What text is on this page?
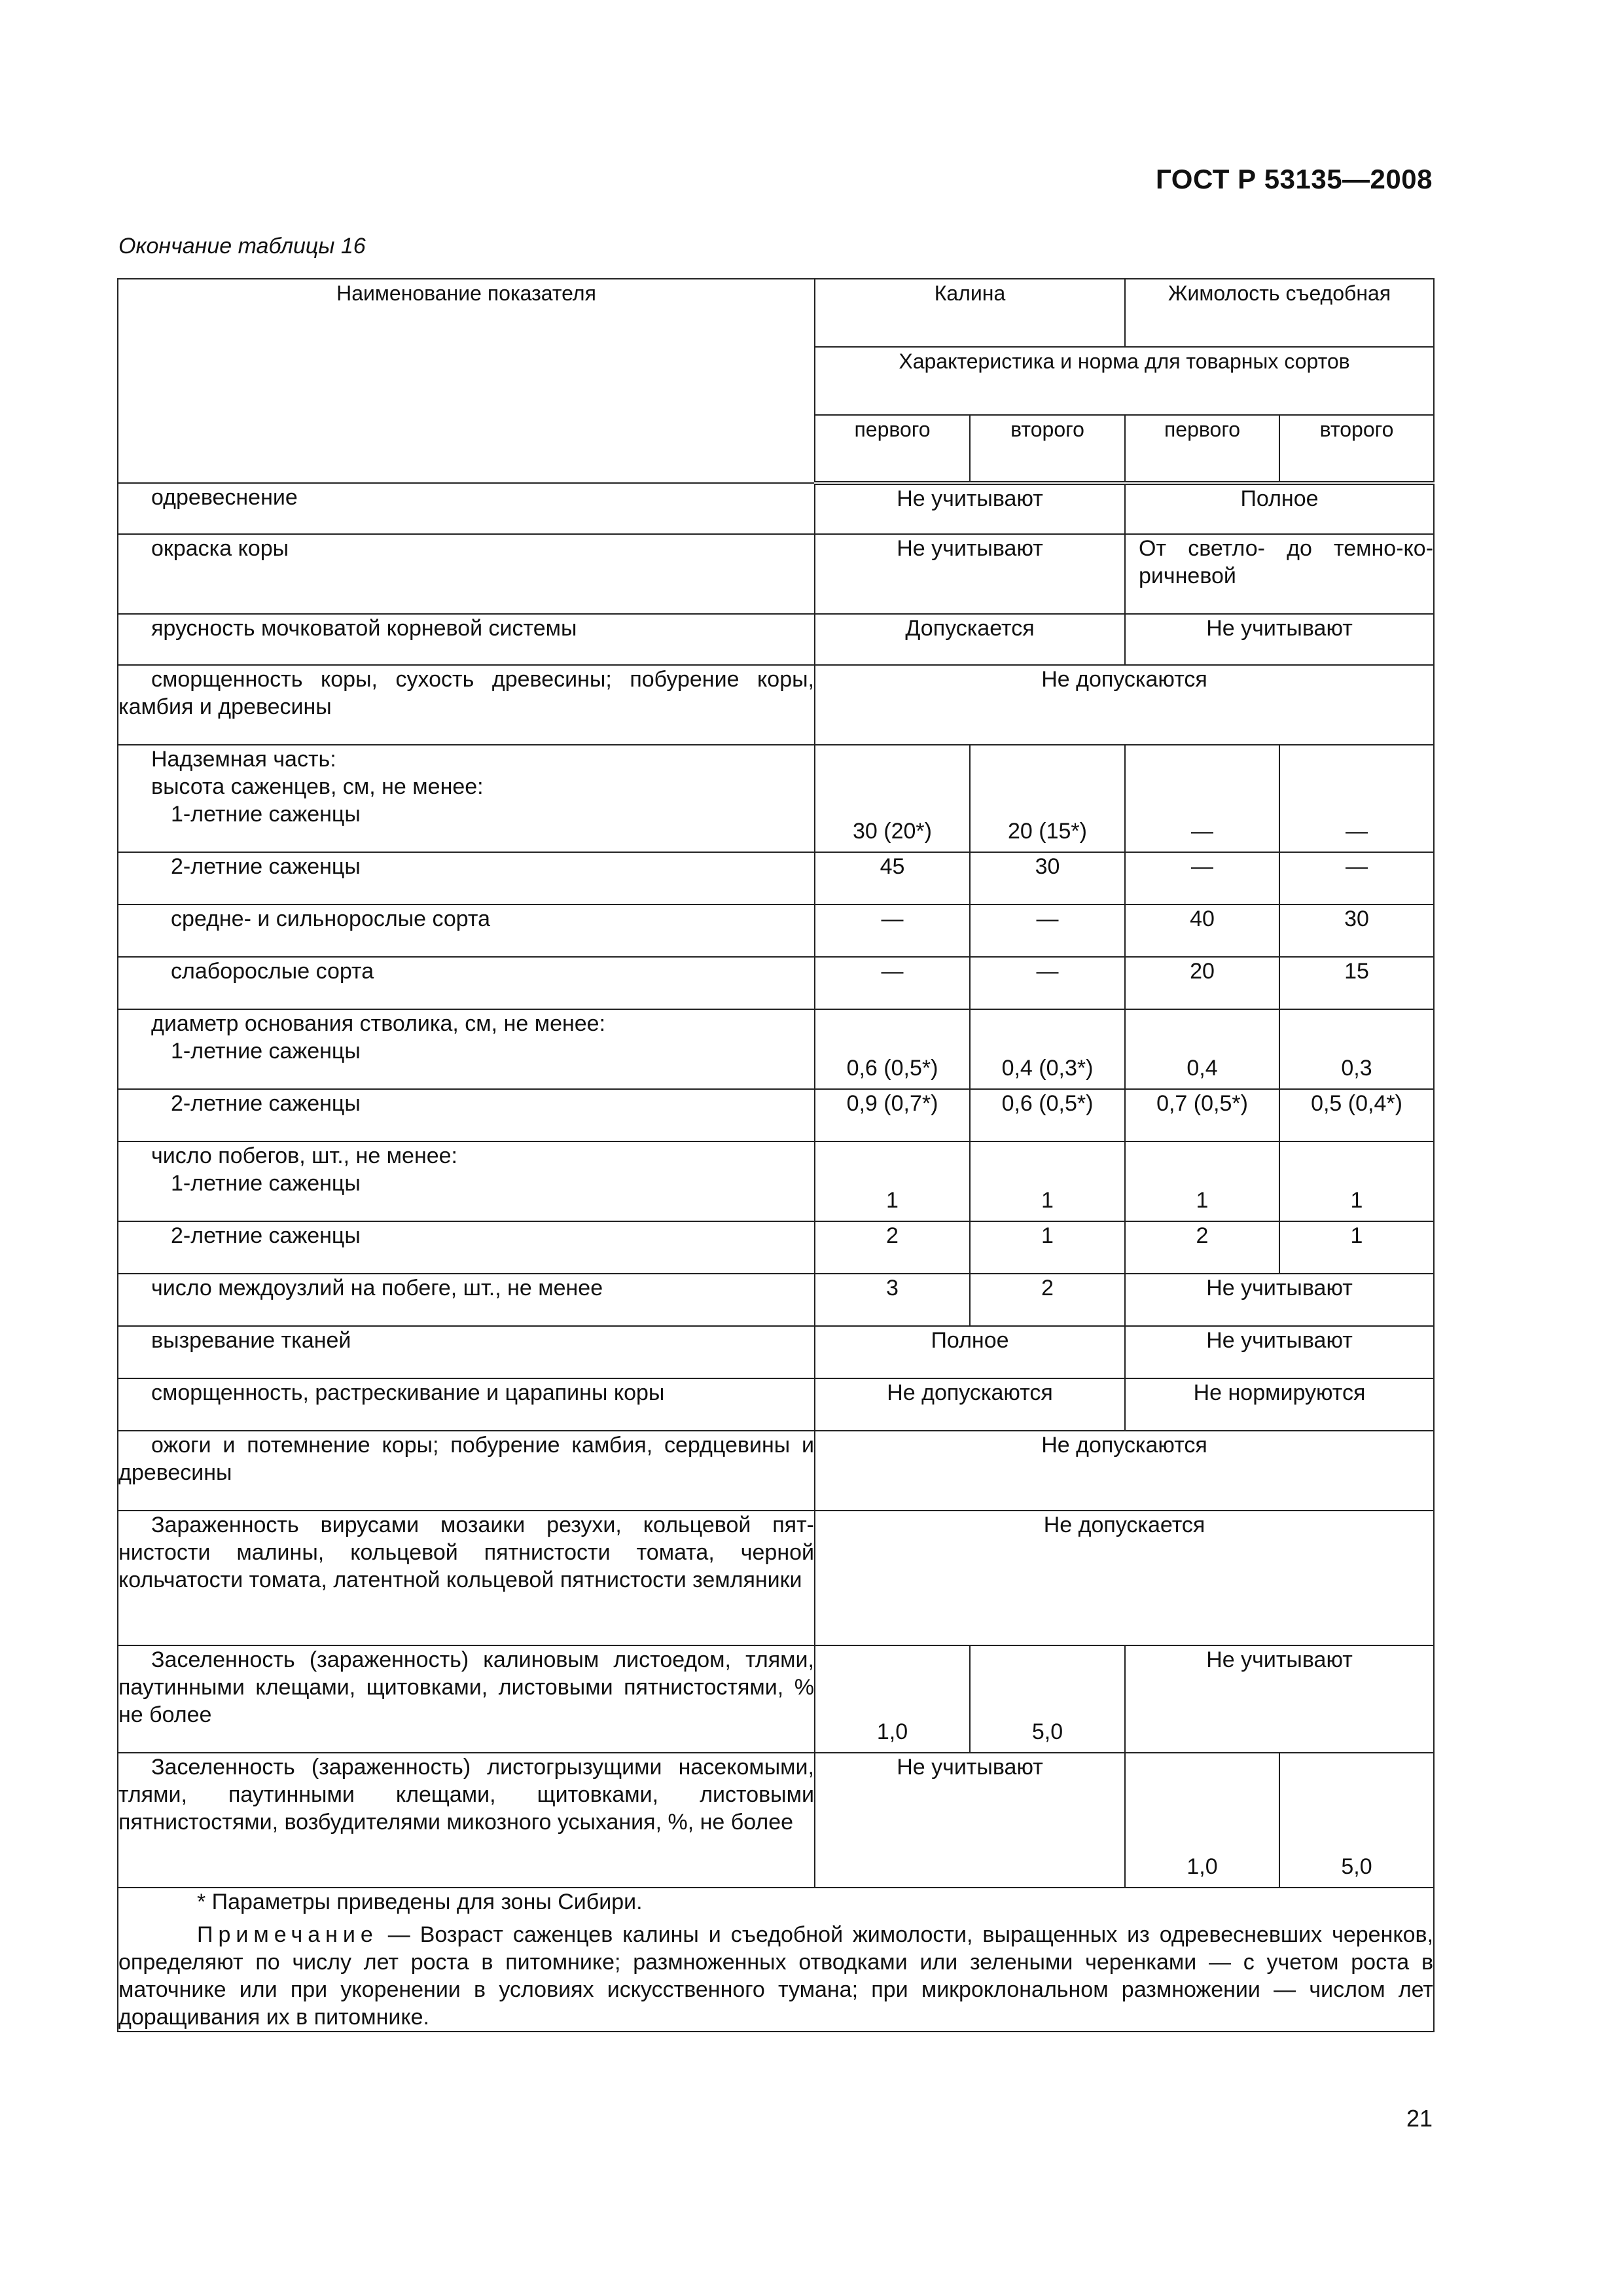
ГОСТ Р 53135—2008
Окончание таблицы 16
Наименование показателя	Калина		Жимолость съедобная	
	Характеристика и норма для товарных сортов			
	первого	второго	первого	второго
одревеснение	Не учитывают		Полное	
окраска коры	Не учитывают		От светло- до темно-коричневой	
ярусность мочковатой корневой системы	Допускается		Не учитывают	
сморщенность коры, сухость древесины; побурение коры, камбия и древесины	Не допускаются			

Надземная часть:
высота саженцев, см, не менее:
1-летние саженцы	30 (20*)	20 (15*)	—	—
2-летние саженцы	45	30	—	—
средне- и сильнорослые сорта	—	—	40	30
слаборослые сорта	—	—	20	15

диаметр основания стволика, см, не менее:
1-летние саженцы	0,6 (0,5*)	0,4 (0,3*)	0,4	0,3
2-летние саженцы	0,9 (0,7*)	0,6 (0,5*)	0,7 (0,5*)	0,5 (0,4*)

число побегов, шт., не менее:
1-летние саженцы	1	1	1	1
2-летние саженцы	2	1	2	1
число междоузлий на побеге, шт., не менее	3	2	Не учитывают	
вызревание тканей	Полное		Не учитывают	
сморщенность, растрескивание и царапины коры	Не допускаются		Не нормируются	
ожоги и потемнение коры; побурение камбия, сердцевины и древесины	Не допускаются			
Зараженность вирусами мозаики резухи, кольцевой пятнистости малины, кольцевой пятнистости томата, черной кольчатости томата, латентной кольцевой пятнистости земляники	Не допускается			
Заселенность (зараженность) калиновым листоедом, тлями, паутинными клещами, щитовками, листовыми пятнистостями, % не более	1,0	5,0	Не учитывают	
Заселенность (зараженность) листогрызущими насекомыми, тлями, паутинными клещами, щитовками, листовыми пятнистостями, возбудителями микозного усыхания, %, не более	Не учитывают		1,0	5,0

* Параметры приведены для зоны Сибири.

Примечание — Возраст саженцев калины и съедобной жимолости, выращенных из одревесневших черенков, определяют по числу лет роста в питомнике; размноженных отводками или зелеными черенками — с учетом роста в маточнике или при укоренении в условиях искусственного тумана; при микроклональном размножении — числом лет доращивания их в питомнике.				

21
